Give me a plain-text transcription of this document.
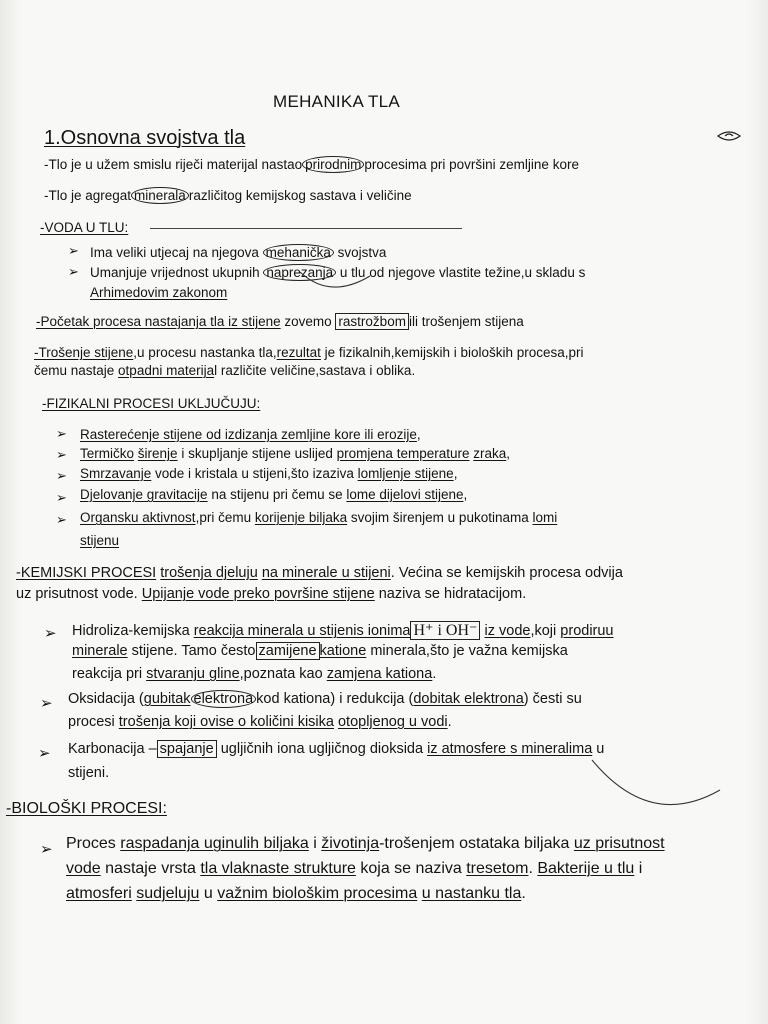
MEHANIKA TLA
1.Osnovna svojstva tla
-Tlo je u užem smislu riječi materijal nastao prirodnim procesima pri površini zemljine kore
-Tlo je agregat minerala različitog kemijskog sastava i veličine
-VODA U TLU:
➢ Ima veliki utjecaj na njegova mehanička svojstva
➢ Umanjuje vrijednost ukupnih naprezanja u tlu od njegove vlastite težine,u skladu s
Arhimedovim zakonom
-Početak procesa nastajanja tla iz stijene zovemo rastrožbom ili trošenjem stijena
-Trošenje stijene,u procesu nastanka tla,rezultat je fizikalnih,kemijskih i bioloških procesa,pri
čemu nastaje otpadni materijal različite veličine,sastava i oblika.
-FIZIKALNI PROCESI UKLJUČUJU:
➢ Rasterećenje stijene od izdizanja zemljine kore ili erozije,
➢ Termičko širenje i skupljanje stijene uslijed promjena temperature zraka,
➢ Smrzavanje vode i kristala u stijeni,što izaziva lomljenje stijene,
➢ Djelovanje gravitacije na stijenu pri čemu se lome dijelovi stijene,
➢ Organsku aktivnost,pri čemu korijenje biljaka svojim širenjem u pukotinama lomi
stijenu
-KEMIJSKI PROCESI trošenja djeluju na minerale u stijeni. Većina se kemijskih procesa odvija
uz prisutnost vode. Upijanje vode preko površine stijene naziva se hidratacijom.
➢ Hidroliza-kemijska reakcija minerala u stijenis ionima H⁺ i OH⁻ iz vode,koji prodiruu
minerale stijene. Tamo često zamijene katione minerala,što je važna kemijska
reakcija pri stvaranju gline,poznata kao zamjena kationa.
➢ Oksidacija (gubitak elektrona kod kationa) i redukcija (dobitak elektrona) česti su
procesi trošenja koji ovise o količini kisika otopljenog u vodi.
➢ Karbonacija – spajanje ugljičnih iona ugljičnog dioksida iz atmosfere s mineralima u
stijeni.
-BIOLOŠKI PROCESI:
➢ Proces raspadanja uginulih biljaka i životinja-trošenjem ostataka biljaka uz prisutnost
vode nastaje vrsta tla vlaknaste strukture koja se naziva tresetom. Bakterije u tlu i
atmosferi sudjeluju u važnim biološkim procesima u nastanku tla.
